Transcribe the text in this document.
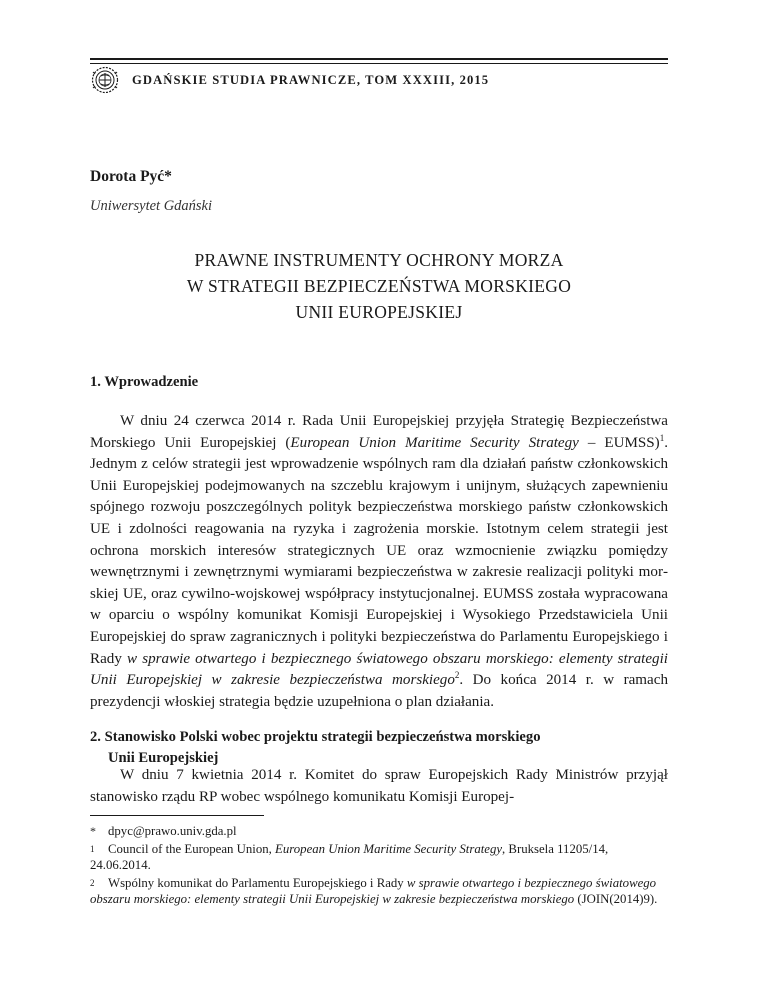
GDAŃSKIE STUDIA PRAWNICZE, TOM XXXIII, 2015
Dorota Pyć*
Uniwersytet Gdański
PRAWNE INSTRUMENTY OCHRONY MORZA
W STRATEGII BEZPIECZEŃSTWA MORSKIEGO
UNII EUROPEJSKIEJ
1. Wprowadzenie
W dniu 24 czerwca 2014 r. Rada Unii Europejskiej przyjęła Strategię Bezpieczeństwa Morskiego Unii Europejskiej (European Union Maritime Security Strategy – EUMSS)$^1$. Jednym z celów strategii jest wprowadzenie wspólnych ram dla działań państw członkowskich Unii Europejskiej podejmowanych na szczeblu krajowym i unijnym, służących zapewnieniu spójnego rozwoju poszczególnych polityk bezpieczeństwa morskiego państw członkowskich UE i zdolności reagowania na ryzyka i zagrożenia morskie. Istotnym celem strategii jest ochrona morskich interesów strategicznych UE oraz wzmocnienie związku pomiędzy wewnętrznymi i zewnętrznymi wymiarami bezpieczeństwa w zakresie realizacji polityki morskiej UE, oraz cywilno-wojskowej współpracy instytucjonalnej. EUMSS została wypracowana w oparciu o wspólny komunikat Komisji Europejskiej i Wysokiego Przedstawiciela Unii Europejskiej do spraw zagranicznych i polityki bezpieczeństwa do Parlamentu Europejskiego i Rady w sprawie otwartego i bezpiecznego światowego obszaru morskiego: elementy strategii Unii Europejskiej w zakresie bezpieczeństwa morskiego$^2$. Do końca 2014 r. w ramach prezydencji włoskiej strategia będzie uzupełniona o plan działania.
2. Stanowisko Polski wobec projektu strategii bezpieczeństwa morskiego
Unii Europejskiej
W dniu 7 kwietnia 2014 r. Komitet do spraw Europejskich Rady Ministrów przyjął stanowisko rządu RP wobec wspólnego komunikatu Komisji Europej-
* dpyc@prawo.univ.gda.pl
1 Council of the European Union, European Union Maritime Security Strategy, Bruksela 11205/14, 24.06.2014.
2 Wspólny komunikat do Parlamentu Europejskiego i Rady w sprawie otwartego i bezpiecznego światowego obszaru morskiego: elementy strategii Unii Europejskiej w zakresie bezpieczeństwa morskiego (JOIN(2014)9).
